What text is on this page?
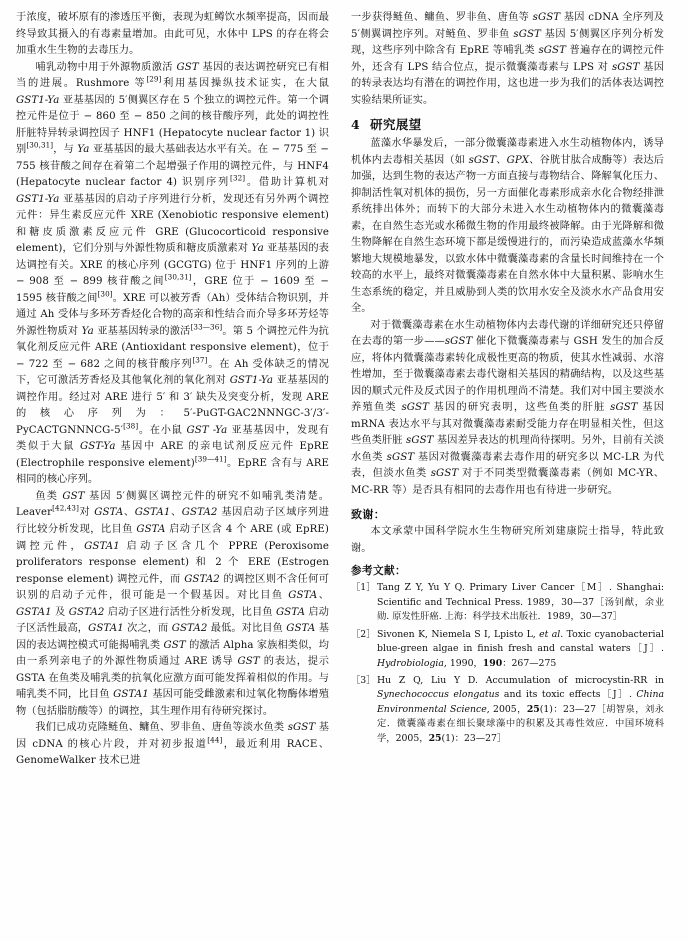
于浓度，破坏原有的渗透压平衡，表现为虹鳟饮水频率提高，因而最终导致其摄入的有毒素量增加。由此可见，水体中 LPS 的存在将会加重水生生物的去毒压力。

哺乳动物中用于外源物质激活 GST 基因的表达调控研究已有相当的进展。Rushmore 等[29]利用基因操纵技术证实，在大鼠 GST1-Ya 亚基基因的 5′侧翼区存在 5 个独立的调控元件。第一个调控元件是位于 − 860 至 − 850 之间的核苷酸序列，此处的调控性肝脏特异转录调控因子 HNF1 (Hepatocyte nuclear factor 1) 识别[30,31]，与 Ya 亚基基因的最大基础表达水平有关。在 − 775 至 − 755 核苷酸之间存在着第二个起增强子作用的调控元件，与 HNF4 (Hepatocyte nuclear factor 4) 识别序列[32]。借助计算机对 GST1-Ya 亚基基因的启动子序列进行分析，发现还有另外两个调控元件：异生素反应元件 XRE (Xenobiotic responsive element) 和糖皮质激素反应元件 GRE (Glucocorticoid responsive element)，它们分别与外源性物质和糖皮质激素对 Ya 亚基基因的表达调控有关。XRE 的核心序列 (GCGTG) 位于 HNF1 序列的上游 − 908 至 − 899 核苷酸之间[30,31]，GRE 位于 − 1609 至 − 1595 核苷酸之间[30]。XRE 可以被芳香（Ah）受体结合物识别，并通过 Ah 受体与多环芳香烃化合物的高亲和性结合而介导多环芳烃等外源性物质对 Ya 亚基基因转录的激活[33—36]。第 5 个调控元件为抗氧化剂反应元件 ARE (Antioxidant responsive element)，位于 − 722 至 − 682 之间的核苷酸序列[37]。在 Ah 受体缺乏的情况下，它可激活芳香烃及其他氧化剂的氧化剂对 GST1-Ya 亚基基因的调控作用。经过对 ARE 进行 5′ 和 3′ 缺失及突变分析，发现 ARE 的核心序列为：5′-PuGT-GAC2NNNGC-3′/3′-PyCACTGNNNCG-5′[38]。在小鼠 GST -Ya 亚基基因中，发现有类似于大鼠 GST-Ya 基因中 ARE 的亲电试剂反应元件 EpRE (Electrophile responsive element)[39—41]。EpRE 含有与 ARE 相同的核心序列。

鱼类 GST 基因 5′侧翼区调控元件的研究不如哺乳类清楚。Leaver[42,43]对 GSTA、GSTA1、GSTA2 基因启动子区域序列进行比较分析发现，比目鱼 GSTA 启动子区含 4 个 ARE (或 EpRE)调控元件，GSTA1 启动子区含几个 PPRE (Peroxisome proliferators response element) 和 2 个 ERE (Estrogen response element) 调控元件，而 GSTA2 的调控区则不含任何可识别的启动子元件，很可能是一个假基因。对比目鱼 GSTA、GSTA1 及 GSTA2 启动子区进行活性分析发现，比目鱼 GSTA 启动子区活性最高，GSTA1 次之，而 GSTA2 最低。对比目鱼 GSTA 基因的表达调控模式可能揭哺乳类 GST 的激活 Alpha 家族相类似，均由一系列亲电子的外源性物质通过 ARE 诱导 GST 的表达，提示 GSTA 在鱼类及哺乳类的抗氧化应激方面可能发挥着相似的作用。与哺乳类不同，比目鱼 GSTA1 基因可能受雌激素和过氧化物酶体增殖物（包括脂肪酸等）的调控，其生理作用有待研究探讨。

我们已成功克隆鲢鱼、鳙鱼、罗非鱼、唐鱼等淡水鱼类 sGST 基因 cDNA 的核心片段，并对初步报道[44]，最近利用 RACE、GenomeWalker 技术已进

一步获得鲢鱼、鳙鱼、罗非鱼、唐鱼等 sGST 基因 cDNA 全序列及 5′侧翼调控序列。对鲢鱼、罗非鱼 sGST 基因 5′侧翼区序列分析发现，这些序列中除含有 EpRE 等哺乳类 sGST 普遍存在的调控元件外，还含有 LPS 结合位点，提示微囊藻毒素与 LPS 对 sGST 基因的转录表达均有潜在的调控作用，这也进一步为我们的活体表达调控实验结果所证实。

4 研究展望

蓝藻水华暴发后，一部分微囊藻毒素进入水生动植物体内，诱导机体内去毒相关基因（如 sGST、GPX、谷胱甘肽合成酶等）表达后加强，达到生物的表达产物一方面直接与毒物结合、降解氧化压力、抑制活性氧对机体的损伤，另一方面催化毒素形成亲水化合物经排泄系统排出体外；而转下的大部分未进入水生动植物体内的微囊藻毒素，在自然生态光或水稀微生物的作用最终被降解。由于光降解和微生物降解在自然生态环境下都是缓慢进行的，而污染造成蓝藻水华频繁地大规模地暴发，以致水体中微囊藻毒素的含量长时间维持在一个较高的水平上，最终对微囊藻毒素在自然水体中大量积累、影响水生生态系统的稳定，并且威胁到人类的饮用水安全及淡水水产品食用安全。

对于微囊藻毒素在水生动植物体内去毒代谢的详细研究还只停留在去毒的第一步——sGST 催化下微囊藻毒素与 GSH 发生的加合反应，将体内微囊藻毒素转化成极性更高的物质，使其水性减弱、水溶性增加，至于微囊藻毒素去毒代谢相关基因的精确结构，以及这些基因的顺式元件及反式因子的作用机理尚不清楚。我们对中国主要淡水养殖鱼类 sGST 基因的研究表明，这些鱼类的肝脏 sGST 基因 mRNA 表达水平与其对微囊藻毒素耐受能力存在明显相关性，但这些鱼类肝脏 sGST 基因差异表达的机理尚待探明。另外，目前有关淡水鱼类 sGST 基因对微囊藻毒素去毒作用的研究多以 MC-LR 为代表，但淡水鱼类 sGST 对于不同类型微囊藻毒素（例如 MC-YR、MC-RR 等）是否具有相同的去毒作用也有待进一步研究。

致谢：

本文承蒙中国科学院水生生物研究所刘建康院士指导，特此致谢。

参考文献：
［1］ Tang Z Y, Yu Y Q. Primary Liver Cancer［M］. Shanghai: Scientific and Technical Press. 1989，30—37［汤钊猷，余业勋. 原发性肝癌. 上海：科学技术出版社．1989，30—37］
［2］ Sivonen K, Niemela S I, Lpisto L, et al. Toxic cyanobacterial blue-green algae in finish fresh and canstal waters［J］. Hydrobiologia, 1990，190：267—275
［3］ Hu Z Q, Liu Y D. Accumulation of microcystin-RR in Synechococcus elongatus and its toxic effects［J］. China Environmental Science, 2005，25(1)：23—27［胡智泉，刘永定．微囊藻毒素在细长聚球藻中的积累及其毒性效应．中国环境科学，2005，25(1)：23—27］
